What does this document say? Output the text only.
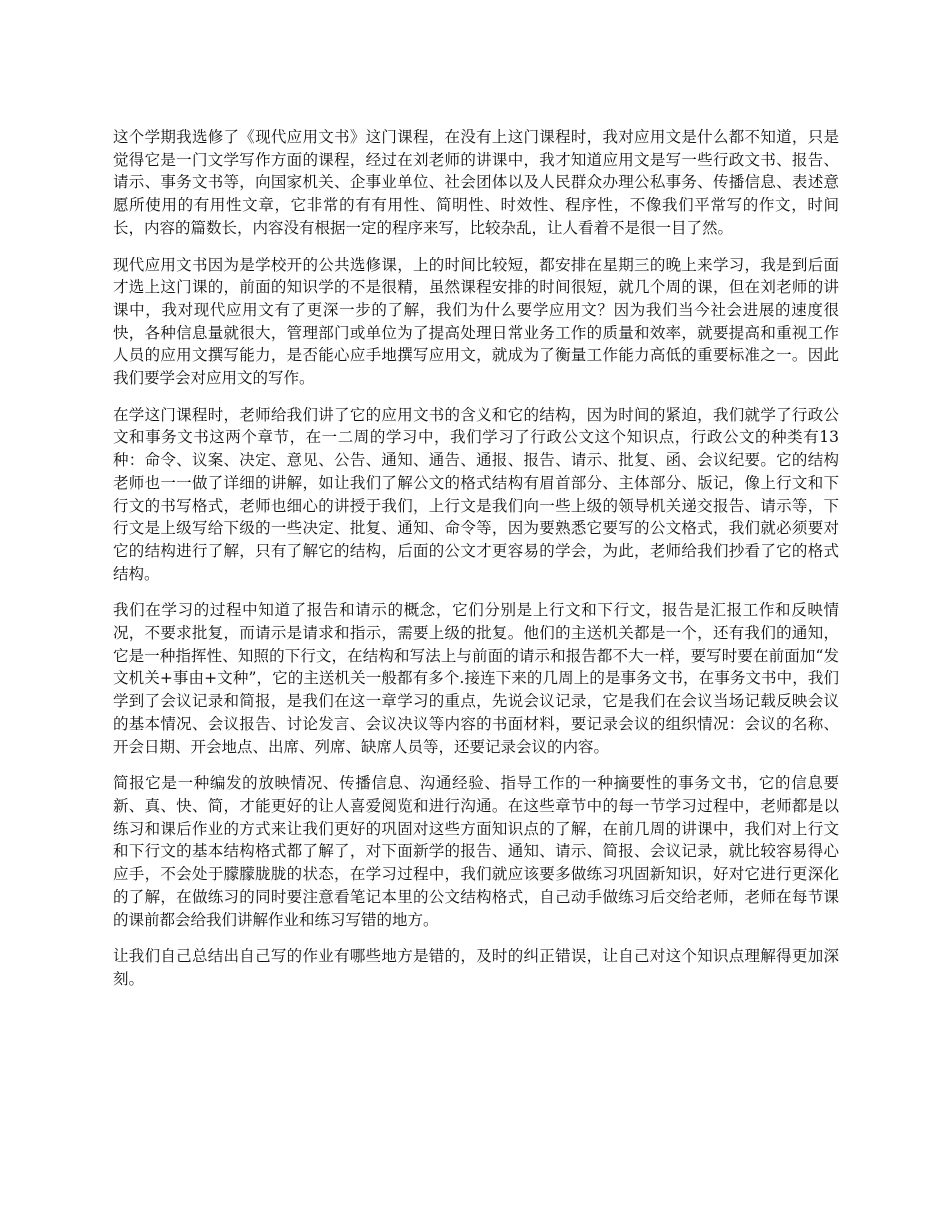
这个学期我选修了《现代应用文书》这门课程，在没有上这门课程时，我对应用文是什么都不知道，只是觉得它是一门文学写作方面的课程，经过在刘老师的讲课中，我才知道应用文是写一些行政文书、报告、请示、事务文书等，向国家机关、企事业单位、社会团体以及人民群众办理公私事务、传播信息、表述意愿所使用的有用性文章，它非常的有有用性、简明性、时效性、程序性，不像我们平常写的作文，时间长，内容的篇数长，内容没有根据一定的程序来写，比较杂乱，让人看着不是很一目了然。

现代应用文书因为是学校开的公共选修课，上的时间比较短，都安排在星期三的晚上来学习，我是到后面才选上这门课的，前面的知识学的不是很精，虽然课程安排的时间很短，就几个周的课，但在刘老师的讲课中，我对现代应用文有了更深一步的了解，我们为什么要学应用文？因为我们当今社会进展的速度很快，各种信息量就很大，管理部门或单位为了提高处理日常业务工作的质量和效率，就要提高和重视工作人员的应用文撰写能力，是否能心应手地撰写应用文，就成为了衡量工作能力高低的重要标准之一。因此我们要学会对应用文的写作。

在学这门课程时，老师给我们讲了它的应用文书的含义和它的结构，因为时间的紧迫，我们就学了行政公文和事务文书这两个章节，在一二周的学习中，我们学习了行政公文这个知识点，行政公文的种类有13种：命令、议案、决定、意见、公告、通知、通告、通报、报告、请示、批复、函、会议纪要。它的结构老师也一一做了详细的讲解，如让我们了解公文的格式结构有眉首部分、主体部分、版记，像上行文和下行文的书写格式，老师也细心的讲授于我们，上行文是我们向一些上级的领导机关递交报告、请示等，下行文是上级写给下级的一些决定、批复、通知、命令等，因为要熟悉它要写的公文格式，我们就必须要对它的结构进行了解，只有了解它的结构，后面的公文才更容易的学会，为此，老师给我们抄看了它的格式结构。

我们在学习的过程中知道了报告和请示的概念，它们分别是上行文和下行文，报告是汇报工作和反映情况，不要求批复，而请示是请求和指示，需要上级的批复。他们的主送机关都是一个，还有我们的通知，它是一种指挥性、知照的下行文，在结构和写法上与前面的请示和报告都不大一样，要写时要在前面加“发文机关+事由+文种”，它的主送机关一般都有多个.接连下来的几周上的是事务文书，在事务文书中，我们学到了会议记录和简报，是我们在这一章学习的重点，先说会议记录，它是我们在会议当场记载反映会议的基本情况、会议报告、讨论发言、会议决议等内容的书面材料，要记录会议的组织情况：会议的名称、开会日期、开会地点、出席、列席、缺席人员等，还要记录会议的内容。

简报它是一种编发的放映情况、传播信息、沟通经验、指导工作的一种摘要性的事务文书，它的信息要新、真、快、简，才能更好的让人喜爱阅览和进行沟通。在这些章节中的每一节学习过程中，老师都是以练习和课后作业的方式来让我们更好的巩固对这些方面知识点的了解，在前几周的讲课中，我们对上行文和下行文的基本结构格式都了解了，对下面新学的报告、通知、请示、简报、会议记录，就比较容易得心应手，不会处于朦朦胧胧的状态，在学习过程中，我们就应该要多做练习巩固新知识，好对它进行更深化的了解，在做练习的同时要注意看笔记本里的公文结构格式，自己动手做练习后交给老师，老师在每节课的课前都会给我们讲解作业和练习写错的地方。

让我们自己总结出自己写的作业有哪些地方是错的，及时的纠正错误，让自己对这个知识点理解得更加深刻。
